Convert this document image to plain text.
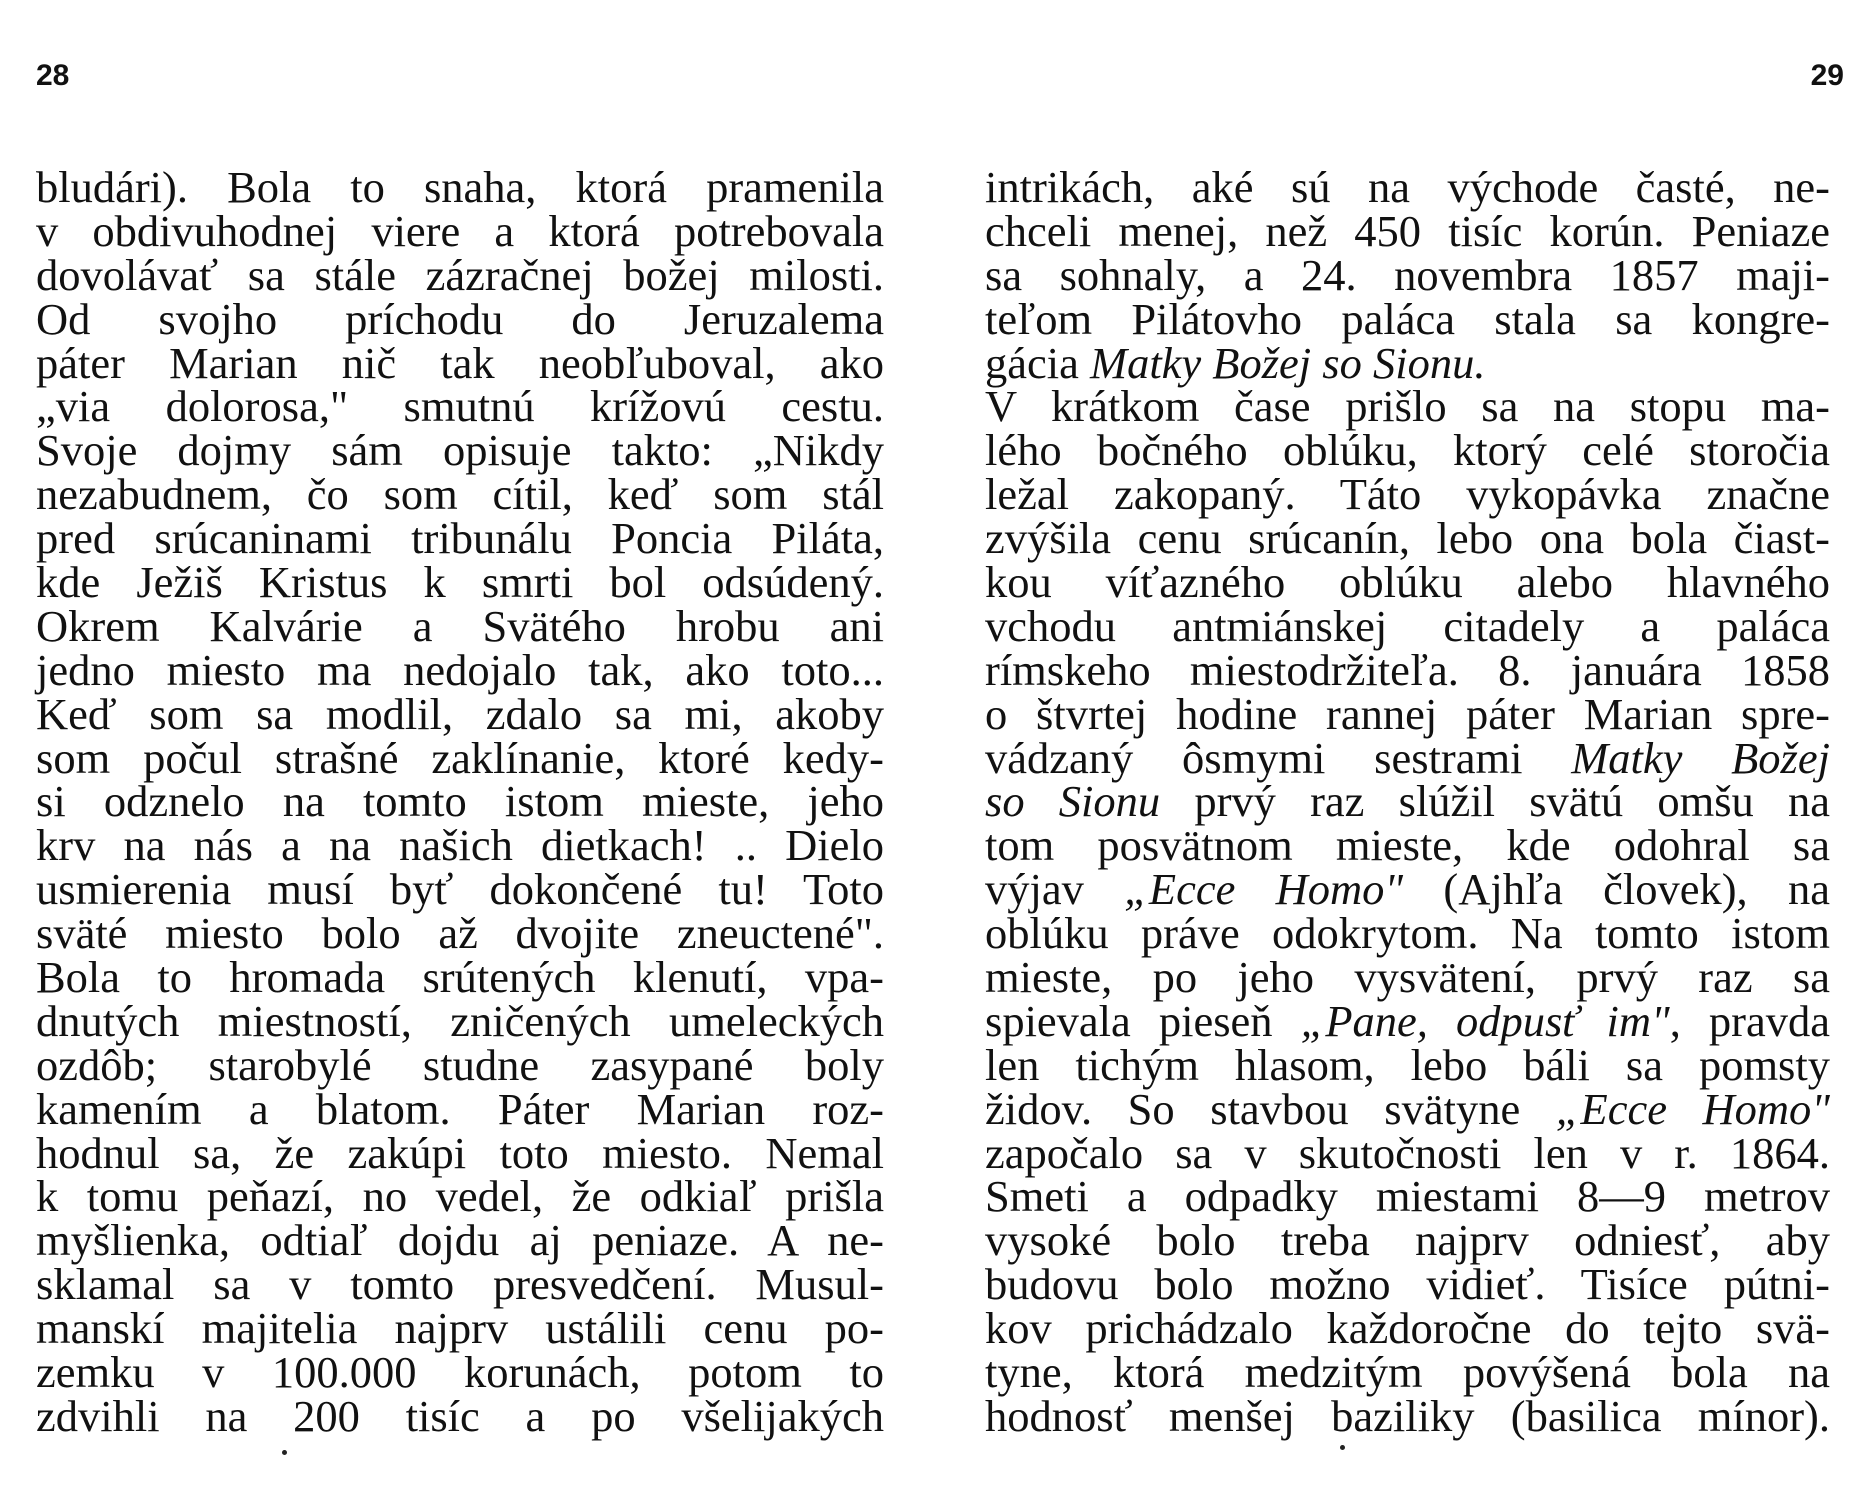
28	29
bludári). Bola to snaha, ktorá pramenila
v obdivuhodnej viere a ktorá potrebovala
dovolávať sa stále zázračnej božej milosti.
Od svojho príchodu do Jeruzalema
páter Marian nič tak neobľuboval, ako
„via dolorosa," smutnú krížovú cestu.
Svoje dojmy sám opisuje takto: „Nikdy
nezabudnem, čo som cítil, keď som stál
pred srúcaninami tribunálu Poncia Piláta,
kde Ježiš Kristus k smrti bol odsúdený.
Okrem Kalvárie a Svätého hrobu ani
jedno miesto ma nedojalo tak, ako toto...
Keď som sa modlil, zdalo sa mi, akoby
som počul strašné zaklínanie, ktoré kedy-
si odznelo na tomto istom mieste, jeho
krv na nás a na našich dietkach! .. Dielo
usmierenia musí byť dokončené tu! Toto
sväté miesto bolo až dvojite zneuctené".
Bola to hromada srútených klenutí, vpa-
dnutých miestností, zničených umeleckých
ozdôb; starobylé studne zasypané boly
kamením a blatom. Páter Marian roz-
hodnul sa, že zakúpi toto miesto. Nemal
k tomu peňazí, no vedel, že odkiaľ prišla
myšlienka, odtiaľ dojdu aj peniaze. A ne-
sklamal sa v tomto presvedčení. Musul-
manskí majitelia najprv ustálili cenu po-
zemku v 100.000 korunách, potom to
zdvihli na 200 tisíc a po všelijakých
intrikách, aké sú na východe časté, ne-
chceli menej, než 450 tisíc korún. Peniaze
sa sohnaly, a 24. novembra 1857 maji-
teľom Pilátovho paláca stala sa kongre-
gácia Matky Božej so Sionu.
V krátkom čase prišlo sa na stopu ma-
lého bočného oblúku, ktorý celé storočia
ležal zakopaný. Táto vykopávka značne
zvýšila cenu srúcanín, lebo ona bola čiast-
kou víťazného oblúku alebo hlavného
vchodu antmiánskej citadely a paláca
rímskeho miestodržiteľa. 8. januára 1858
o štvrtej hodine rannej páter Marian spre-
vádzaný ôsmymi sestrami Matky Božej
so Sionu prvý raz slúžil svätú omšu na
tom posvätnom mieste, kde odohral sa
výjav „Ecce Homo" (Ajhľa človek), na
oblúku práve odokrytom. Na tomto istom
mieste, po jeho vysvätení, prvý raz sa
spievala pieseň „Pane, odpusť im", pravda
len tichým hlasom, lebo báli sa pomsty
židov. So stavbou svätyne „Ecce Homo"
započalo sa v skutočnosti len v r. 1864.
Smeti a odpadky miestami 8—9 metrov
vysoké bolo treba najprv odniesť, aby
budovu bolo možno vidieť. Tisíce pútni-
kov prichádzalo každoročne do tejto svä-
tyne, ktorá medzitým povýšená bola na
hodnosť menšej baziliky (basilica mínor).
